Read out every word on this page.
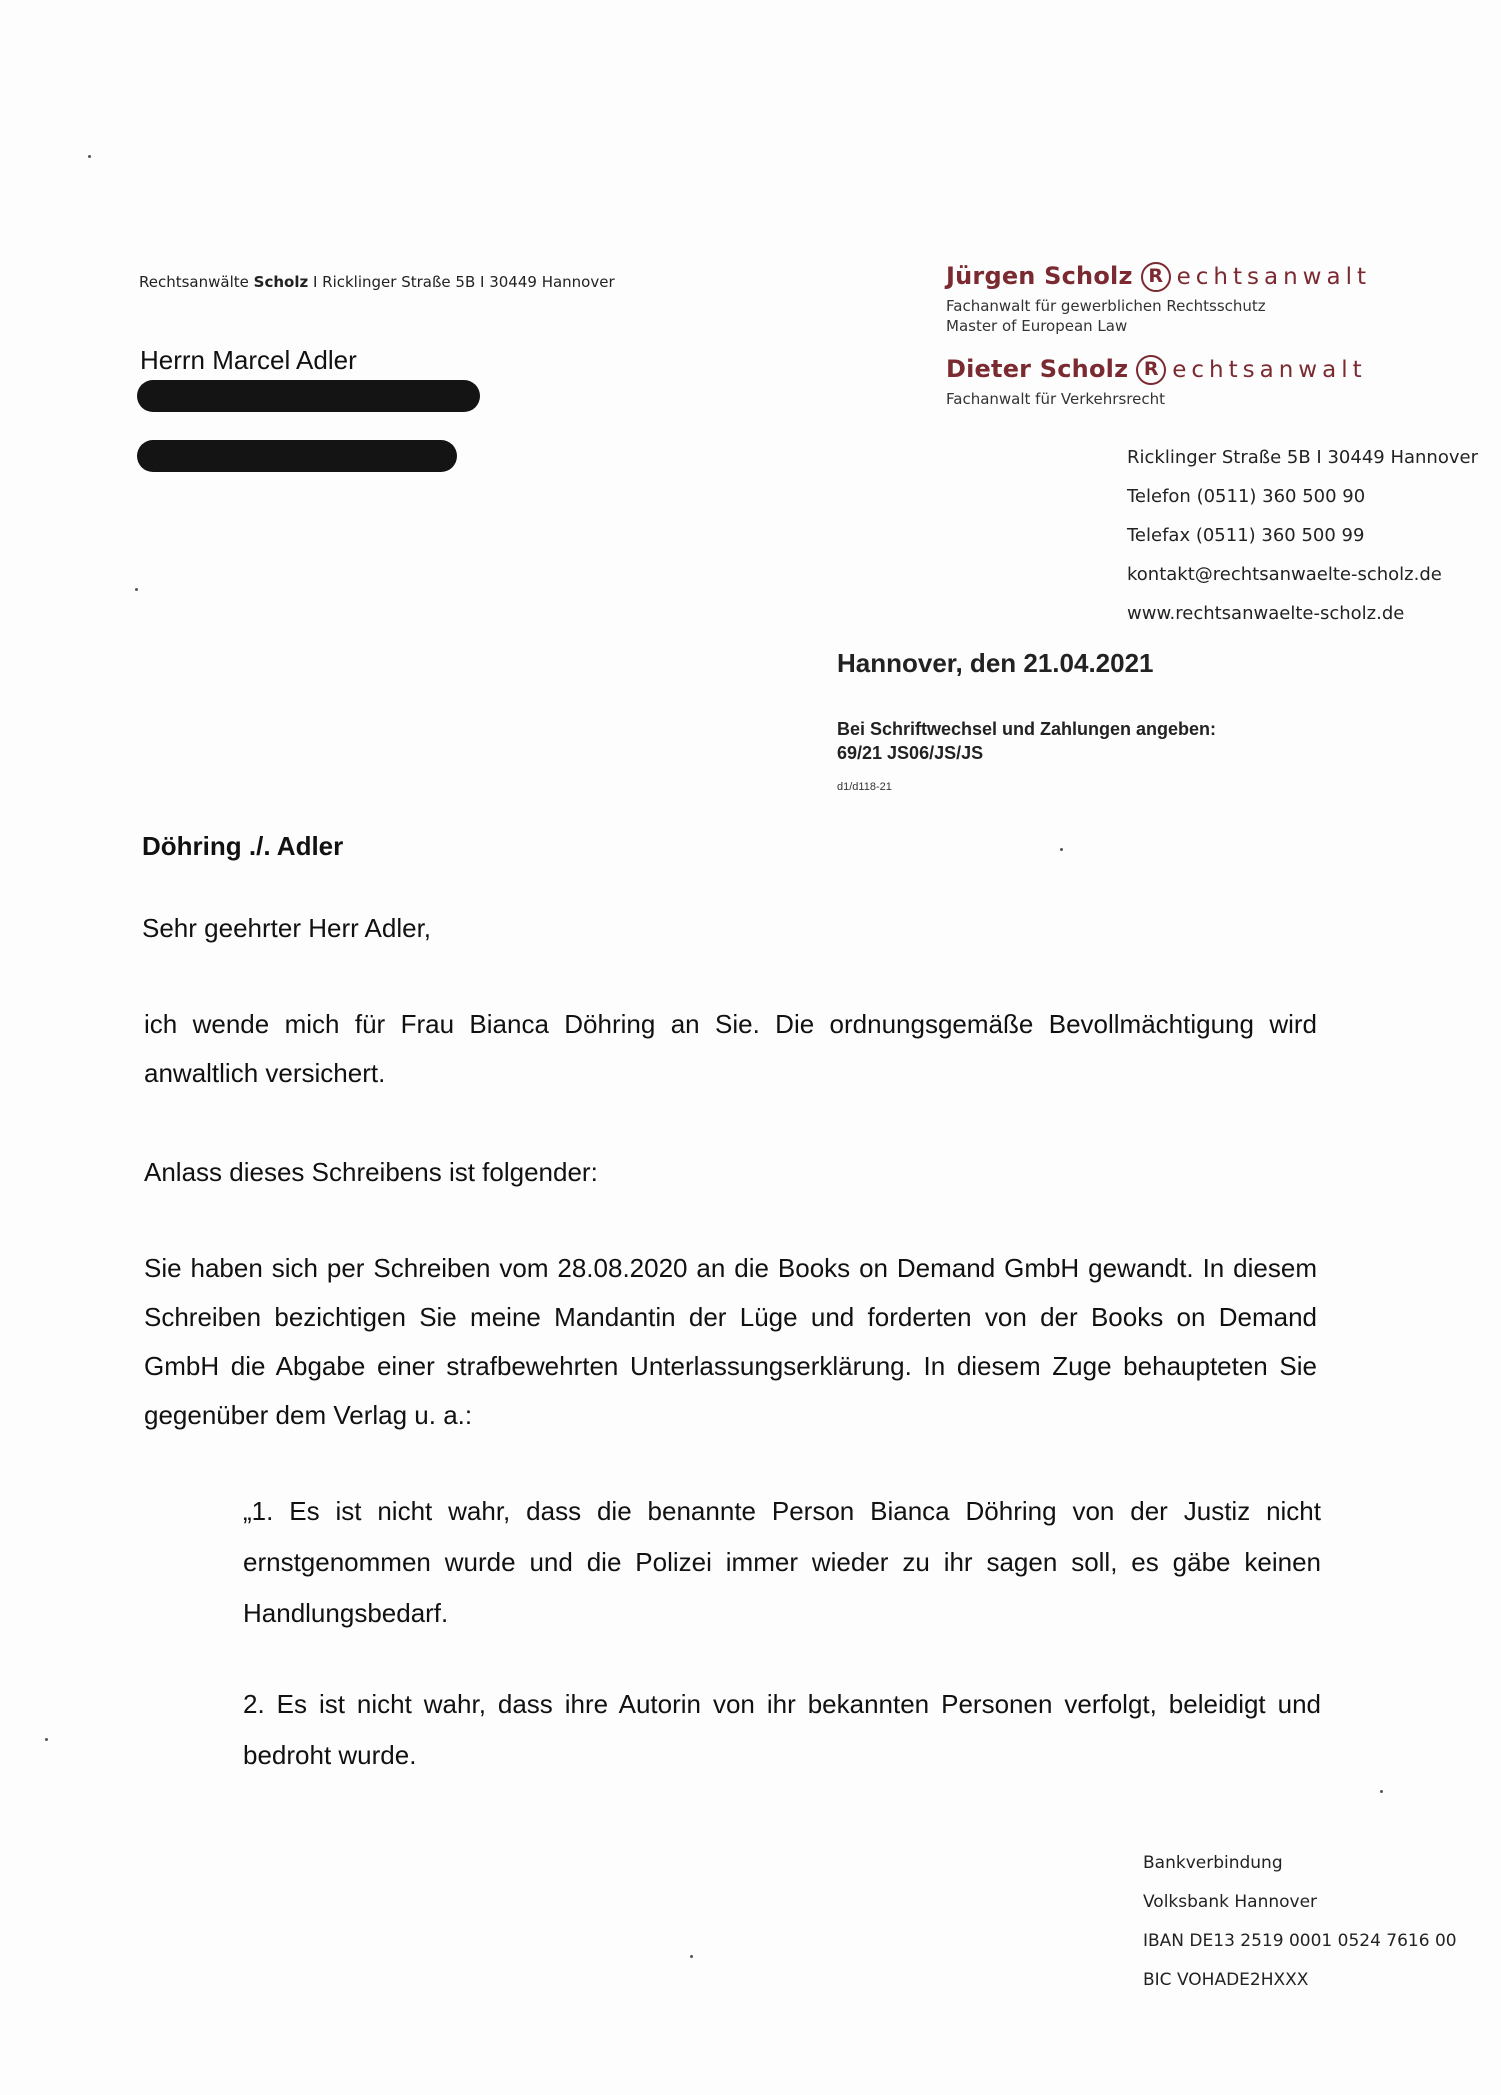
Rechtsanwälte Scholz I Ricklinger Straße 5B I 30449 Hannover
Herrn Marcel Adler
Jürgen Scholz R echtsanwalt
Fachanwalt für gewerblichen Rechtsschutz
Master of European Law
Dieter Scholz R echtsanwalt
Fachanwalt für Verkehrsrecht
Ricklinger Straße 5B I 30449 Hannover
Telefon (0511) 360 500 90
Telefax (0511) 360 500 99
kontakt@rechtsanwaelte-scholz.de
www.rechtsanwaelte-scholz.de
Hannover, den 21.04.2021
Bei Schriftwechsel und Zahlungen angeben:
69/21 JS06/JS/JS
d1/d118-21
Döhring ./. Adler
Sehr geehrter Herr Adler,
ich wende mich für Frau Bianca Döhring an Sie. Die ordnungsgemäße Bevollmächtigung wird anwaltlich versichert.
Anlass dieses Schreibens ist folgender:
Sie haben sich per Schreiben vom 28.08.2020 an die Books on Demand GmbH gewandt. In diesem Schreiben bezichtigen Sie meine Mandantin der Lüge und forderten von der Books on Demand GmbH die Abgabe einer strafbewehrten Unterlassungserklärung. In diesem Zuge behaupteten Sie gegenüber dem Verlag u. a.:
„1. Es ist nicht wahr, dass die benannte Person Bianca Döhring von der Justiz nicht ernstgenommen wurde und die Polizei immer wieder zu ihr sagen soll, es gäbe keinen Handlungsbedarf.
2. Es ist nicht wahr, dass ihre Autorin von ihr bekannten Personen verfolgt, beleidigt und bedroht wurde.
Bankverbindung
Volksbank Hannover
IBAN DE13 2519 0001 0524 7616 00
BIC VOHADE2HXXX
